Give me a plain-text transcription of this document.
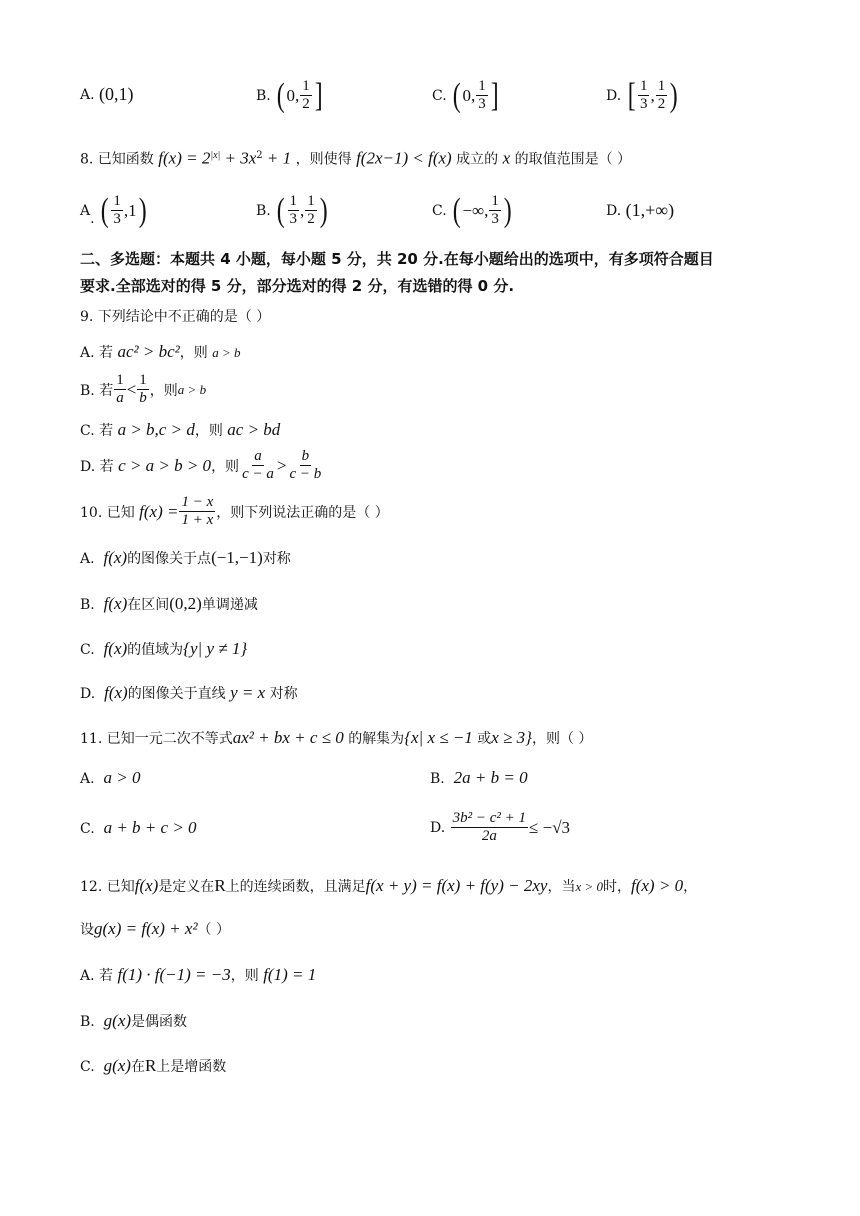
A.
(0,1)	B.
( 0, $\frac{1}{2}$ ]	C.
( 0, $\frac{1}{3}$ ]	D.
[ $\frac{1}{3}$ , $\frac{1}{2}$ )
8. 已知函数 $f(x) = 2^{|x|} + 3x^2 + 1$ ，则使得 f(2x−1) < f(x) 成立的 x 的取值范围是（ ）
A .
( $\frac{1}{3} ,1$ )	B.
( $\frac{1}{3}$ , $\frac{1}{2}$ )	C.
( −∞, $\frac{1}{3}$ )	D.
(1,+∞)
二、多选题：本题共 4 小题，每小题 5 分，共 20 分.在每小题给出的选项中，有多项符合题目
要求.全部选对的得 5 分，部分选对的得 2 分，有选错的得 0 分.
9. 下列结论中不正确的是（ ）
A. 若 ac² > bc²，则 a > b
B. 若 $\frac{1}{a} < \frac{1}{b}$ ，则 a > b
C. 若 a > b,c > d，则 ac > bd
D. 若
c > a > b > 0 ，则 $\frac{a}{c - a} > \frac{b}{c - b}$
10. 已知
$f(x) = \frac{1 - x}{1 + x}$ ，则下列说法正确的是（ ）
A. f(x)的图像关于点(−1,−1)对称
B. f(x)在区间(0,2)单调递减
C. f(x)的值域为{y| y ≠ 1}
D. f(x)的图像关于直线 y = x 对称
11. 已知一元二次不等式ax² + bx + c ≤ 0 的解集为{x| x ≤ −1 或x ≥ 3}，则（ ）
A. a > 0	B. 2a + b = 0
C. a + b + c > 0	D.
$\frac{\text{3b² − c² + 1}}{2a} \le -√3$
12. 已知f(x)是定义在R上的连续函数，且满足f(x + y) = f(x) + f(y) − 2xy，当x > 0时，f(x) > 0，
设g(x) = f(x) + x²（ ）
A. 若 f(1) · f(−1) = −3，则 f(1) = 1
B. g(x)是偶函数
C. g(x)在R上是增函数
